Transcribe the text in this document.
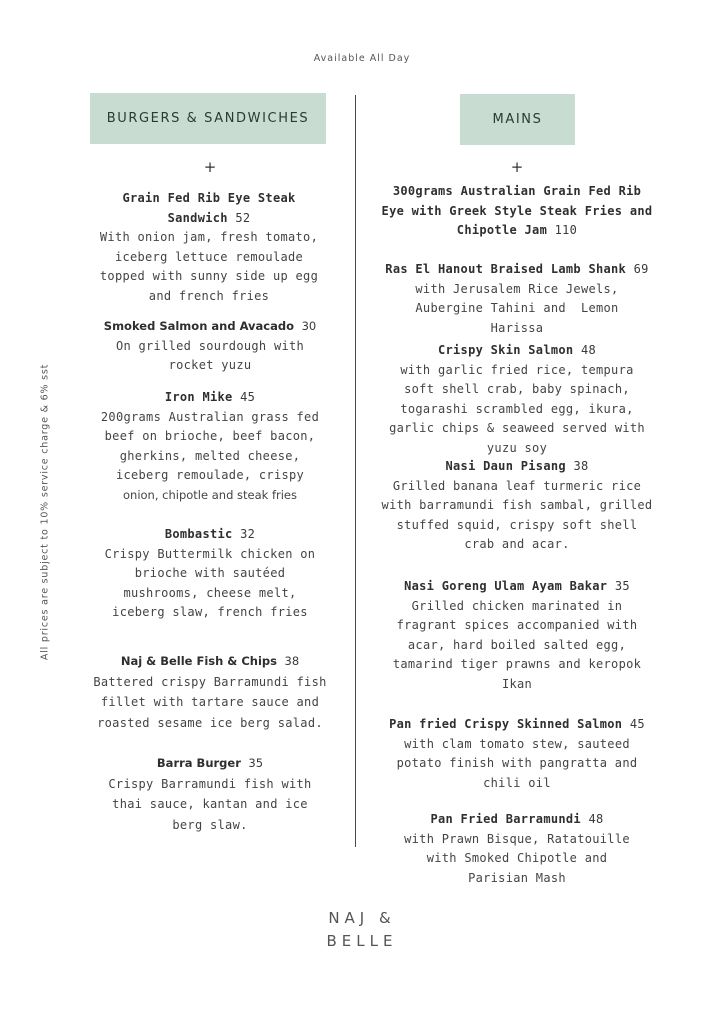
Available All Day
All prices are subject to 10% service charge & 6% sst
BURGERS & SANDWICHES	MAINS
+	+
Grain Fed Rib Eye Steak Sandwich 52
With onion jam, fresh tomato, iceberg lettuce remoulade topped with sunny side up egg and french fries
Smoked Salmon and Avacado 30
On grilled sourdough with rocket yuzu
Iron Mike 45
200grams Australian grass fed beef on brioche, beef bacon, gherkins, melted cheese, iceberg remoulade, crispy
onion, chipotle and steak fries
Bombastic 32
Crispy Buttermilk chicken on brioche with sautéed mushrooms, cheese melt, iceberg slaw, french fries
Naj & Belle Fish & Chips 38
Battered crispy Barramundi fish fillet with tartare sauce and roasted sesame ice berg salad.
Barra Burger 35
Crispy Barramundi fish with thai sauce, kantan and ice berg slaw.
300grams Australian Grain Fed Rib Eye with Greek Style Steak Fries and Chipotle Jam 110
Ras El Hanout Braised Lamb Shank 69
with Jerusalem Rice Jewels, Aubergine Tahini and  Lemon Harissa
Crispy Skin Salmon 48
with garlic fried rice, tempura soft shell crab, baby spinach, togarashi scrambled egg, ikura, garlic chips & seaweed served with yuzu soy
Nasi Daun Pisang 38
Grilled banana leaf turmeric rice with barramundi fish sambal, grilled stuffed squid, crispy soft shell crab and acar.
Nasi Goreng Ulam Ayam Bakar 35
Grilled chicken marinated in fragrant spices accompanied with acar, hard boiled salted egg, tamarind tiger prawns and keropok Ikan
Pan fried Crispy Skinned Salmon 45
with clam tomato stew, sauteed potato finish with pangratta and chili oil
Pan Fried Barramundi 48
with Prawn Bisque, Ratatouille with Smoked Chipotle and Parisian Mash
NAJ &
BELLE
